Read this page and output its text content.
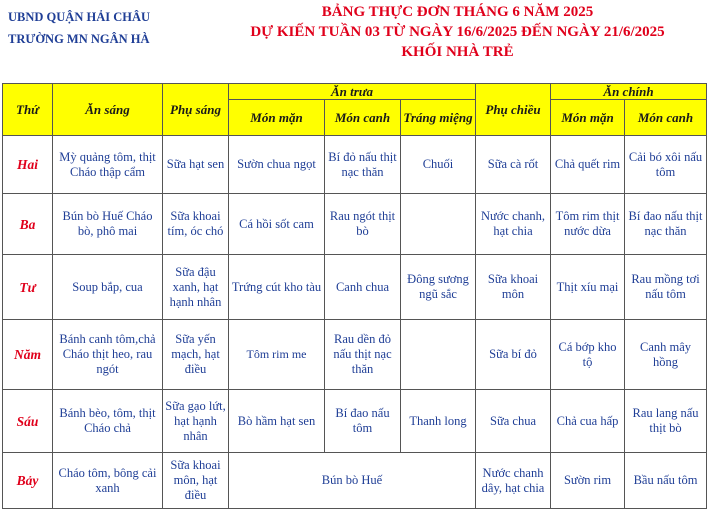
UBND QUẬN HẢI CHÂU
TRƯỜNG MN NGÂN HÀ
BẢNG THỰC ĐƠN THÁNG 6 NĂM 2025
DỰ KIẾN TUẦN 03 TỪ NGÀY 16/6/2025 ĐẾN NGÀY 21/6/2025
KHỐI NHÀ TRẺ
Thứ	Ăn sáng	Phụ sáng	Ăn trưa			Phụ chiều	Ăn chính	
			Món mặn	Món canh	Tráng miệng		Món mặn	Món canh
Hai	Mỳ quảng tôm, thịt Cháo thập cẩm	Sữa hạt sen	Sườn chua ngọt	Bí đỏ nấu thịt nạc thăn	Chuối	Sữa cà rốt	Chả quết rim	Cải bó xôi nấu tôm
Ba	Bún bò Huế Cháo bò, phô mai	Sữa khoai tím, óc chó	Cá hồi sốt cam	Rau ngót thịt bò		Nước chanh, hạt chia	Tôm rim thịt nước dừa	Bí đao nấu thịt nạc thăn
Tư	Soup bắp, cua	Sữa đậu xanh, hạt hạnh nhân	Trứng cút kho tàu	Canh chua	Đông sương ngũ sắc	Sữa khoai môn	Thịt xíu mại	Rau mồng tơi nấu tôm
Năm	Bánh canh tôm,chả Cháo thịt heo, rau ngót	Sữa yến mạch, hạt điều	Tôm rim me	Rau dền đỏ nấu thịt nạc thăn		Sữa bí đỏ	Cá bớp kho tộ	Canh mây hồng
Sáu	Bánh bèo, tôm, thịt Cháo chả	Sữa gạo lứt, hạt hạnh nhân	Bò hầm hạt sen	Bí đao nấu tôm	Thanh long	Sữa chua	Chả cua hấp	Rau lang nấu thịt bò
Bảy	Cháo tôm, bông cải xanh	Sữa khoai môn, hạt điều	Bún bò Huế			Nước chanh dây, hạt chia	Sườn rim	Bầu nấu tôm
